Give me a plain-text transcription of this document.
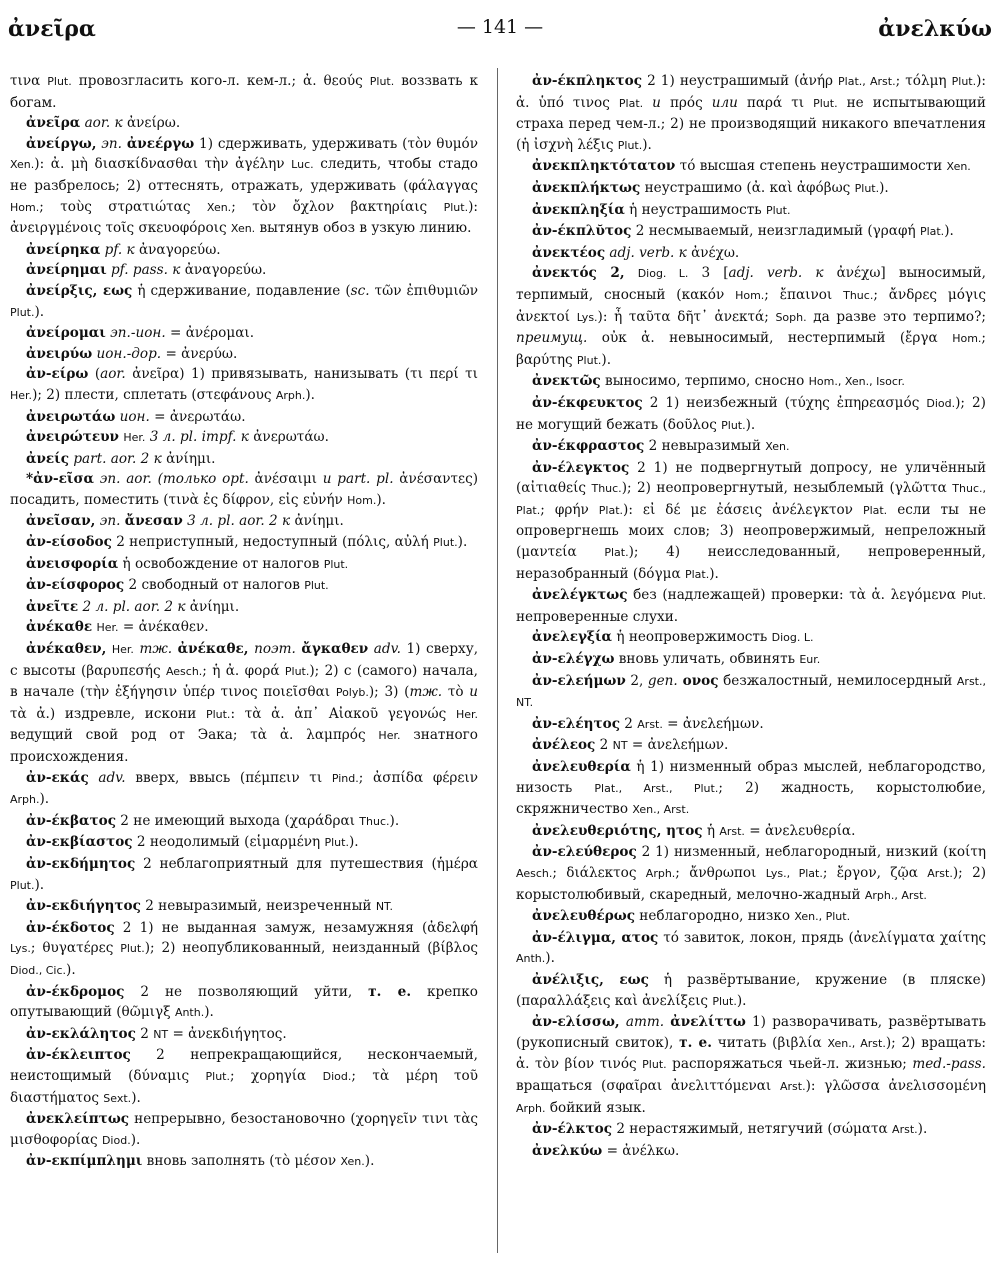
ἀνεῖρα	— 141 —	ἀνελκύω

τινα Plut. провозгласить кого-л. кем-л.; ἀ. θεούς Plut. воззвать к богам.

ἀνεῖρα aor. к ἀνείρω.

ἀνείργω, эп. ἀνεέργω 1) сдерживать, удерживать (τὸν θυμόν Xen.): ἀ. μὴ διασκίδνασθαι τὴν ἀγέλην Luc. следить, чтобы стадо не разбрелось; 2) оттеснять, отражать, удерживать (φάλαγγας Hom.; τοὺς στρατιώτας Xen.; τὸν ὄχλον βακτηρίαις Plut.): ἀνειργμένοις τοῖς σκευοφόροις Xen. вытянув обоз в узкую линию.

ἀνείρηκα pf. к ἀναγορεύω.

ἀνείρημαι pf. pass. к ἀναγορεύω.

ἀνείρξις, εως ἡ сдерживание, подавление (sc. τῶν ἐπιθυμιῶν Plut.).

ἀνείρομαι эп.-ион. = ἀνέρομαι.

ἀνειρύω ион.-дор. = ἀνερύω.

ἀν-είρω (aor. ἀνεῖρα) 1) привязывать, нанизывать (τι περί τι Her.); 2) плести, сплетать (στεφάνους Arph.).

ἀνειρωτάω ион. = ἀνερωτάω.

ἀνειρώτευν Her. 3 л. pl. impf. к ἀνερωτάω.

ἀνείς part. aor. 2 к ἀνίημι.

*ἀν-εῖσα эп. aor. (только opt. ἀνέσαιμι и part. pl. ἀνέσαντες) посадить, поместить (τινὰ ἐς δίφρον, εἰς εὐνήν Hom.).

ἀνεῖσαν, эп. ἄνεσαν 3 л. pl. aor. 2 к ἀνίημι.

ἀν-είσοδος 2 неприступный, недоступный (πόλις, αὐλή Plut.).

ἀνεισφορία ἡ освобождение от налогов Plut.

ἀν-είσφορος 2 свободный от налогов Plut.

ἀνεῖτε 2 л. pl. aor. 2 к ἀνίημι.

ἀνέκαθε Her. = ἀνέκαθεν.

ἀνέκαθεν, Her. тж. ἀνέκαθε, поэт. ἄγκαθεν adv. 1) сверху, с высоты (βαρυπεσής Aesch.; ἡ ἀ. φορά Plut.); 2) с (самого) начала, в начале (τὴν ἐξήγησιν ὑπέρ τινος ποιεῖσθαι Polyb.); 3) (тж. τὸ и τὰ ἀ.) издревле, искони Plut.: τὰ ἀ. ἀπ᾽ Αἰακοῦ γεγονώς Her. ведущий свой род от Эака; τὰ ἀ. λαμπρός Her. знатного происхождения.

ἀν-εκάς adv. вверх, ввысь (πέμπειν τι Pind.; ἀσπίδα φέρειν Arph.).

ἀν-έκβατος 2 не имеющий выхода (χαράδραι Thuc.).

ἀν-εκβίαστος 2 неодолимый (εἱμαρμένη Plut.).

ἀν-εκδήμητος 2 неблагоприятный для путешествия (ἡμέρα Plut.).

ἀν-εκδιήγητος 2 невыразимый, неизреченный NT.

ἀν-έκδοτος 2 1) не выданная замуж, незамужняя (ἀδελφή Lys.; θυγατέρες Plut.); 2) неопубликованный, неизданный (βίβλος Diod., Cic.).

ἀν-έκδρομος 2 не позволяющий уйти, т. е. крепко опутывающий (θῶμιγξ Anth.).

ἀν-εκλάλητος 2 NT = ἀνεκδιήγητος.

ἀν-έκλειπτος 2 непрекращающийся, нескончаемый, неистощимый (δύναμις Plut.; χορηγία Diod.; τὰ μέρη τοῦ διαστήματος Sext.).

ἀνεκλείπτως непрерывно, безостановочно (χορηγεῖν τινι τὰς μισθοφορίας Diod.).

ἀν-εκπίμπλημι вновь заполнять (τὸ μέσον Xen.).

ἀν-έκπληκτος 2 1) неустрашимый (ἀνήρ Plat., Arst.; τόλμη Plut.): ἀ. ὑπό τινος Plat. и πρός или παρά τι Plut. не испытывающий страха перед чем-л.; 2) не производящий никакого впечатления (ἡ ἰσχνὴ λέξις Plut.).

ἀνεκπληκτότατον τό высшая степень неустрашимости Xen.

ἀνεκπλήκτως неустрашимо (ἀ. καὶ ἀφόβως Plut.).

ἀνεκπληξία ἡ неустрашимость Plut.

ἀν-έκπλῠτος 2 несмываемый, неизгладимый (γραφή Plat.).

ἀνεκτέος adj. verb. к ἀνέχω.

ἀνεκτός 2, Diog. L. 3 [adj. verb. к ἀνέχω] выносимый, терпимый, сносный (κακόν Hom.; ἔπαινοι Thuc.; ἄνδρες μόγις ἀνεκτοί Lys.): ἦ ταῦτα δῆτ᾽ ἀνεκτά; Soph. да разве это терпимо?; преимущ. οὐκ ἀ. невыносимый, нестерпимый (ἔργα Hom.; βαρύτης Plut.).

ἀνεκτῶς выносимо, терпимо, сносно Hom., Xen., Isocr.

ἀν-έκφευκτος 2 1) неизбежный (τύχης ἐπηρεασμός Diod.); 2) не могущий бежать (δοῦλος Plut.).

ἀν-έκφραστος 2 невыразимый Xen.

ἀν-έλεγκτος 2 1) не подвергнутый допросу, не уличённый (αἰτιαθείς Thuc.); 2) неопровергнутый, незыблемый (γλῶττα Thuc., Plat.; φρήν Plat.): εἰ δέ με ἐάσεις ἀνέλεγκτον Plat. если ты не опровергнешь моих слов; 3) неопровержимый, непреложный (μαντεία Plat.); 4) неисследованный, непроверенный, неразобранный (δόγμα Plat.).

ἀνελέγκτως без (надлежащей) проверки: τὰ ἀ. λεγόμενα Plut. непроверенные слухи.

ἀνελεγξία ἡ неопровержимость Diog. L.

ἀν-ελέγχω вновь уличать, обвинять Eur.

ἀν-ελεήμων 2, gen. ονος безжалостный, немилосердный Arst., NT.

ἀν-ελέητος 2 Arst. = ἀνελεήμων.

ἀνέλεος 2 NT = ἀνελεήμων.

ἀνελευθερία ἡ 1) низменный образ мыслей, неблагородство, низость Plat., Arst., Plut.; 2) жадность, корыстолюбие, скряжничество Xen., Arst.

ἀνελευθεριότης, ητος ἡ Arst. = ἀνελευθερία.

ἀν-ελεύθερος 2 1) низменный, неблагородный, низкий (κοίτη Aesch.; διάλεκτος Arph.; ἄνθρωποι Lys., Plat.; ἔργον, ζῷα Arst.); 2) корыстолюбивый, скаредный, мелочно-жадный Arph., Arst.

ἀνελευθέρως неблагородно, низко Xen., Plut.

ἀν-έλιγμα, ατος τό завиток, локон, прядь (ἀνελίγματα χαίτης Anth.).

ἀνέλιξις, εως ἡ развёртывание, кружение (в пляске) (παραλλάξεις καὶ ἀνελίξεις Plut.).

ἀν-ελίσσω, атт. ἀνελίττω 1) разворачивать, развёртывать (рукописный свиток), т. е. читать (βιβλία Xen., Arst.); 2) вращать: ἀ. τὸν βίον τινός Plut. распоряжаться чьей-л. жизнью; med.-pass. вращаться (σφαῖραι ἀνελιττόμεναι Arst.): γλῶσσα ἀνελισσομένη Arph. бойкий язык.

ἀν-έλκτος 2 нерастяжимый, нетягучий (σώματα Arst.).

ἀνελκύω = ἀνέλκω.
